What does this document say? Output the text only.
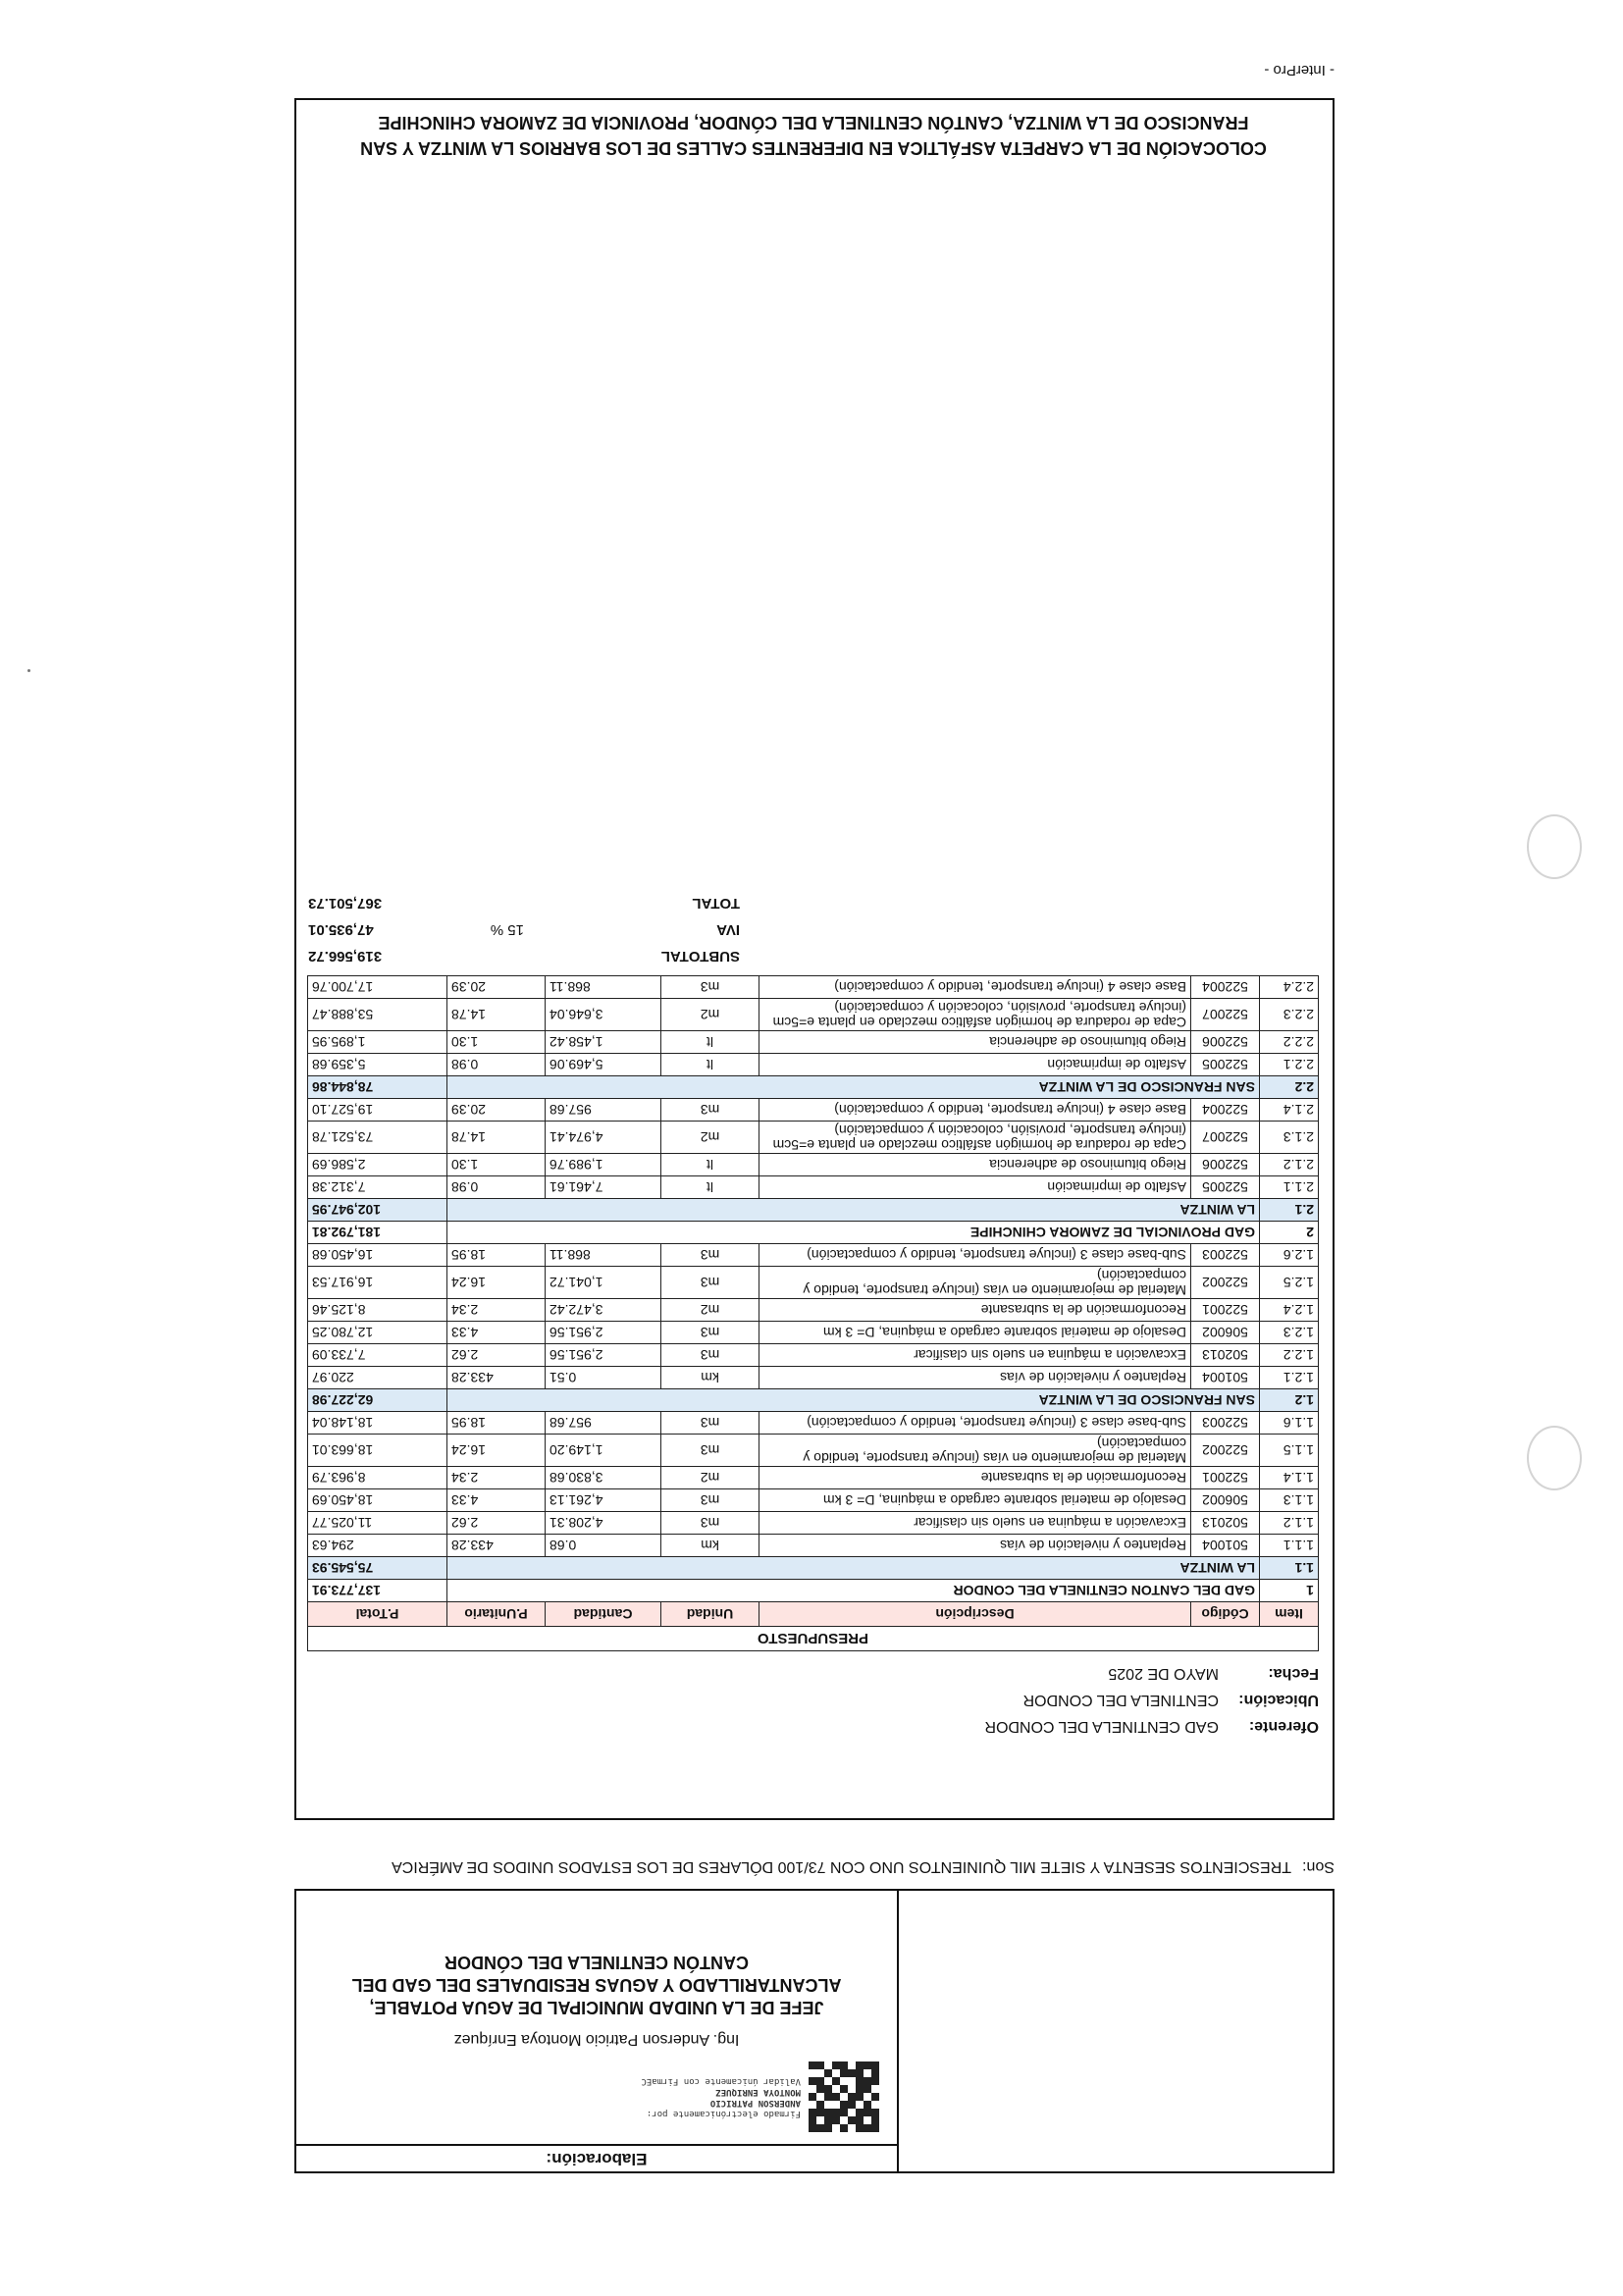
Elaboración:
Firmado electrónicamente por:
ANDERSON PATRICIO
MONTOYA ENRIQUEZ
Validar únicamente con FirmaEC
Ing. Anderson Patricio Montoya Enríquez
JEFE DE LA UNIDAD MUNICIPAL DE AGUA POTABLE, ALCANTARILLADO Y AGUAS RESIDUALES DEL GAD DEL CANTÓN CENTINELA DEL CÓNDOR
Son:
TRESCIENTOS SESENTA Y SIETE MIL QUINIENTOS UNO CON 73/100 DÓLARES DE LOS ESTADOS UNIDOS DE AMÉRICA
Oferente:
GAD CENTINELA DEL CONDOR
Ubicación:
CENTINELA DEL CONDOR
Fecha:
MAYO DE 2025
PRESUPUESTO						
Item	Código	Descripción	Unidad	Cantidad	P.Unitario	P.Total
1	GAD DEL CANTON CENTINELA DEL CONDOR					137,773.91
1.1	LA WINTZA					75,545.93
1.1.1	501004	Replanteo y nivelación de vías	km	0.68	433.28	294.63
1.1.2	502013	Excavación a máquina en suelo sin clasificar	m3	4,208.31	2.62	11,025.77
1.1.3	506002	Desalojo de material sobrante cargado a máquina, D= 3 km	m3	4,261.13	4.33	18,450.69
1.1.4	522001	Reconformación de la subrasante	m2	3,830.68	2.34	8,963.79
1.1.5	522002	Material de mejoramiento en vías (incluye transporte, tendido y compactación)	m3	1,149.20	16.24	18,663.01
1.1.6	522003	Sub-base clase 3 (incluye transporte, tendido y compactación)	m3	957.68	18.95	18,148.04
1.2	SAN FRANCISCO DE LA WINTZA					62,227.98
1.2.1	501004	Replanteo y nivelación de vías	km	0.51	433.28	220.97
1.2.2	502013	Excavación a máquina en suelo sin clasificar	m3	2,951.56	2.62	7,733.09
1.2.3	506002	Desalojo de material sobrante cargado a máquina, D= 3 km	m3	2,951.56	4.33	12,780.25
1.2.4	522001	Reconformación de la subrasante	m2	3,472.42	2.34	8,125.46
1.2.5	522002	Material de mejoramiento en vías (incluye transporte, tendido y compactación)	m3	1,041.72	16.24	16,917.53
1.2.6	522003	Sub-base clase 3 (incluye transporte, tendido y compactación)	m3	868.11	18.95	16,450.68
2	GAD PROVINCIAL DE ZAMORA CHINCHIPE					181,792.81
2.1	LA WINTZA					102,947.95
2.1.1	522005	Asfalto de imprimación	lt	7,461.61	0.98	7,312.38
2.1.2	522006	Riego bituminoso de adherencia	lt	1,989.76	1.30	2,586.69
2.1.3	522007	Capa de rodadura de hormigón asfáltico mezclado en planta e=5cm (incluye transporte, provisión, colocación y compactación)	m2	4,974.41	14.78	73,521.78
2.1.4	522004	Base clase 4 (incluye transporte, tendido y compactación)	m3	957.68	20.39	19,527.10
2.2	SAN FRANCISCO DE LA WINTZA					78,844.86
2.2.1	522005	Asfalto de imprimación	lt	5,469.06	0.98	5,359.68
2.2.2	522006	Riego bituminoso de adherencia	lt	1,458.42	1.30	1,895.95
2.2.3	522007	Capa de rodadura de hormigón asfáltico mezclado en planta e=5cm (incluye transporte, provisión, colocación y compactación)	m2	3,646.04	14.78	53,888.47
2.2.4	522004	Base clase 4 (incluye transporte, tendido y compactación)	m3	868.11	20.39	17,700.76
SUBTOTAL
319,566.72
IVA
15 %
47,935.01
TOTAL
367,501.73
COLOCACIÓN DE LA CARPETA ASFÁLTICA EN DIFERENTES CALLES DE LOS BARRIOS LA WINTZA Y SAN FRANCISCO DE LA WINTZA, CANTÓN CENTINELA DEL CÓNDOR, PROVINCIA DE ZAMORA CHINCHIPE
- InterPro -
